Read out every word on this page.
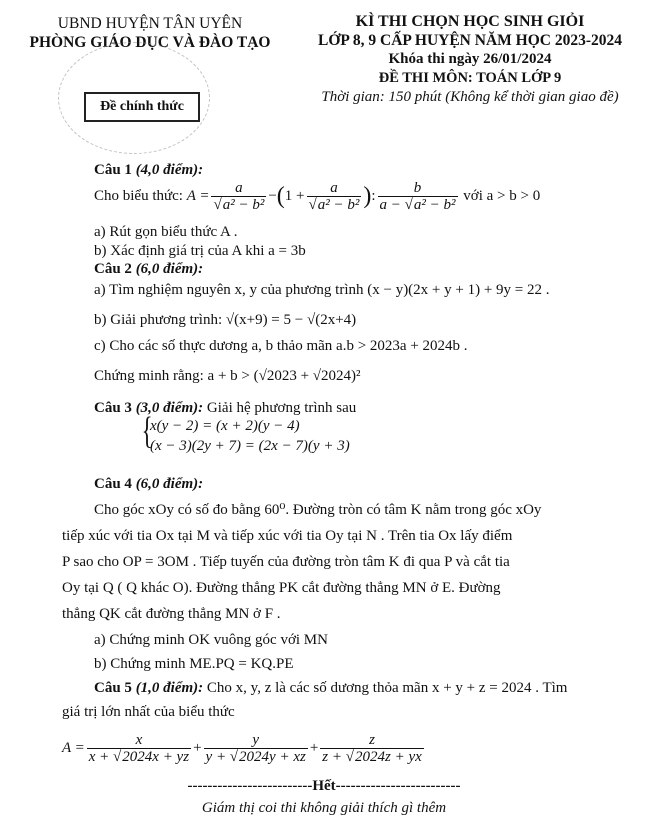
UBND HUYỆN TÂN UYÊN
PHÒNG GIÁO DỤC VÀ ĐÀO TẠO
Đề chính thức
KÌ THI CHỌN HỌC SINH GIỎI
LỚP 8, 9 CẤP HUYỆN NĂM HỌC 2023-2024
Khóa thi ngày 26/01/2024
ĐỀ THI MÔN: TOÁN LỚP 9
Thời gian: 150 phút (Không kể thời gian giao đề)
Câu 1 (4,0 điểm):
Cho biểu thức:
$A = \frac{a}{\text{√a² − b²}}$ − ( $1 + \frac{a}{\text{√a² − b²}}$ ) : $\frac{b}{\text{a − √a² − b²}}$
với a > b > 0
a) Rút gọn biểu thức A .
b) Xác định giá trị của A khi a = 3b
Câu 2 (6,0 điểm):
a) Tìm nghiệm nguyên x, y của phương trình (x − y)(2x + y + 1) + 9y = 22 .
b) Giải phương trình: √(x+9) = 5 − √(2x+4)
c) Cho các số thực dương a, b thảo mãn a.b > 2023a + 2024b .
Chứng minh rằng: a + b > (√2023 + √2024)²
Câu 3 (3,0 điểm): Giải hệ phương trình sau
{
x(y − 2) = (x + 2)(y − 4)
(x − 3)(2y + 7) = (2x − 7)(y + 3)
Câu 4 (6,0 điểm):
Cho góc xOy có số đo bằng 60⁰. Đường tròn có tâm K nằm trong góc xOy
tiếp xúc với tia Ox tại M và tiếp xúc với tia Oy tại N . Trên tia Ox lấy điểm
P sao cho OP = 3OM . Tiếp tuyến của đường tròn tâm K đi qua P và cắt tia
Oy tại Q ( Q khác O). Đường thẳng PK cắt đường thẳng MN ở E. Đường
thẳng QK cắt đường thẳng MN ở F .
a) Chứng minh OK vuông góc với MN
b) Chứng minh ME.PQ = KQ.PE
Câu 5 (1,0 điểm): Cho x, y, z là các số dương thỏa mãn x + y + z = 2024 . Tìm
giá trị lớn nhất của biểu thức
$A = \frac{x}{x + √2024x + yz} + \frac{y}{y + √2024y + xz} + \frac{z}{z + √2024z + yx}$
-------------------------Hết-------------------------
Giám thị coi thi không giải thích gì thêm
